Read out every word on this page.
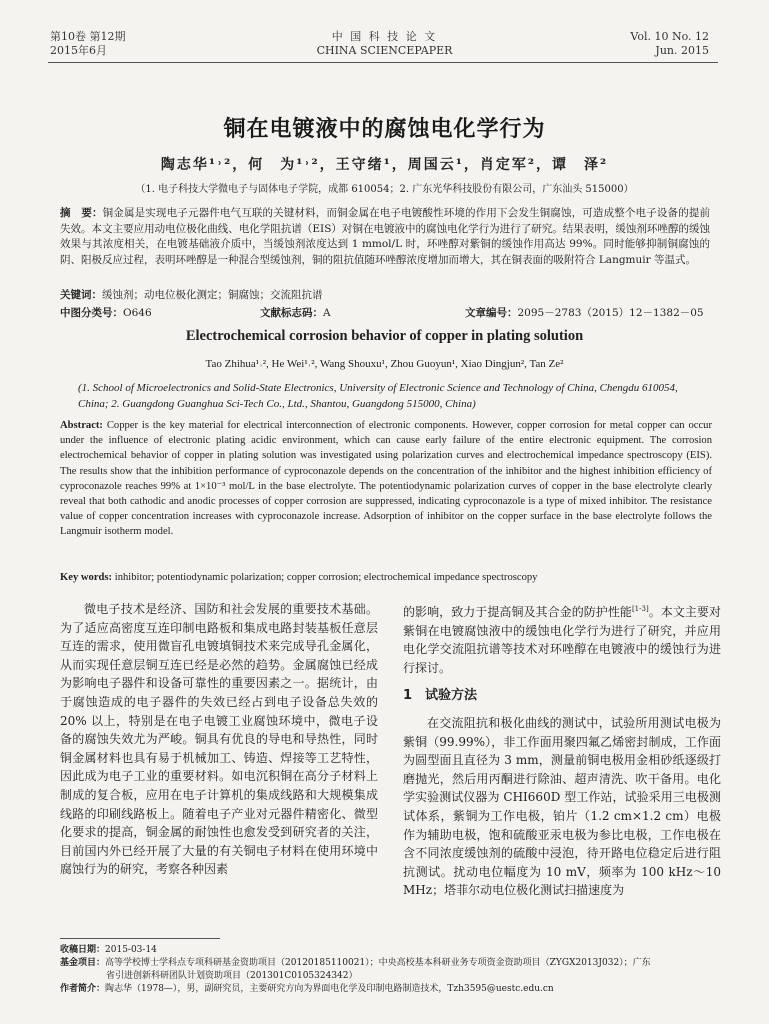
第10卷 第12期
2015年6月
中 国 科 技 论 文
CHINA SCIENCEPAPER
Vol. 10 No. 12
Jun. 2015
铜在电镀液中的腐蚀电化学行为
陶志华¹˒²，何　为¹˒²，王守绪¹，周国云¹，肖定军²，谭　泽²
（1. 电子科技大学微电子与固体电子学院，成都 610054；2. 广东光华科技股份有限公司，广东汕头 515000）
摘　要：铜金属是实现电子元器件电气互联的关键材料，而铜金属在电子电镀酸性环境的作用下会发生铜腐蚀，可造成整个电子设备的提前失效。本文主要应用动电位极化曲线、电化学阻抗谱（EIS）对铜在电镀液中的腐蚀电化学行为进行了研究。结果表明，缓蚀剂环唑醇的缓蚀效果与其浓度相关，在电镀基础液介质中，当缓蚀剂浓度达到 1 mmol/L 时，环唑醇对紫铜的缓蚀作用高达 99%。同时能够抑制铜腐蚀的阴、阳极反应过程，表明环唑醇是一种混合型缓蚀剂，铜的阻抗值随环唑醇浓度增加而增大，其在铜表面的吸附符合 Langmuir 等温式。
关键词：缓蚀剂；动电位极化测定；铜腐蚀；交流阻抗谱
中图分类号：O646	文献标志码：A	文章编号：2095－2783（2015）12－1382－05
Electrochemical corrosion behavior of copper in plating solution
Tao Zhihua¹˒², He Wei¹˒², Wang Shouxu¹, Zhou Guoyun¹, Xiao Dingjun², Tan Ze²
(1. School of Microelectronics and Solid-State Electronics, University of Electronic Science and Technology of China, Chengdu 610054, China; 2. Guangdong Guanghua Sci-Tech Co., Ltd., Shantou, Guangdong 515000, China)
Abstract: Copper is the key material for electrical interconnection of electronic components. However, copper corrosion for metal copper can occur under the influence of electronic plating acidic environment, which can cause early failure of the entire electronic equipment. The corrosion electrochemical behavior of copper in plating solution was investigated using polarization curves and electrochemical impedance spectroscopy (EIS). The results show that the inhibition performance of cyproconazole depends on the concentration of the inhibitor and the highest inhibition efficiency of cyproconazole reaches 99% at 1×10⁻³ mol/L in the base electrolyte. The potentiodynamic polarization curves of copper in the base electrolyte clearly reveal that both cathodic and anodic processes of copper corrosion are suppressed, indicating cyproconazole is a type of mixed inhibitor. The resistance value of copper concentration increases with cyproconazole increase. Adsorption of inhibitor on the copper surface in the base electrolyte follows the Langmuir isotherm model.
Key words: inhibitor; potentiodynamic polarization; copper corrosion; electrochemical impedance spectroscopy

微电子技术是经济、国防和社会发展的重要技术基础。为了适应高密度互连印制电路板和集成电路封装基板任意层互连的需求，使用微盲孔电镀填铜技术来完成导孔金属化，从而实现任意层铜互连已经是必然的趋势。金属腐蚀已经成为影响电子器件和设备可靠性的重要因素之一。据统计，由于腐蚀造成的电子器件的失效已经占到电子设备总失效的 20% 以上，特别是在电子电镀工业腐蚀环境中，微电子设备的腐蚀失效尤为严峻。铜具有优良的导电和导热性，同时铜金属材料也具有易于机械加工、铸造、焊接等工艺特性，因此成为电子工业的重要材料。如电沉积铜在高分子材料上制成的复合板，应用在电子计算机的集成线路和大规模集成线路的印刷线路板上。随着电子产业对元器件精密化、微型化要求的提高，铜金属的耐蚀性也愈发受到研究者的关注，目前国内外已经开展了大量的有关铜电子材料在使用环境中腐蚀行为的研究，考察各种因素

的影响，致力于提高铜及其合金的防护性能[1-3]。本文主要对紫铜在电镀腐蚀液中的缓蚀电化学行为进行了研究，并应用电化学交流阻抗谱等技术对环唑醇在电镀液中的缓蚀行为进行探讨。

1　试验方法

在交流阻抗和极化曲线的测试中，试验所用测试电极为紫铜（99.99%），非工作面用聚四氟乙烯密封制成，工作面为圆型面且直径为 3 mm，测量前铜电极用金相砂纸逐级打磨抛光，然后用丙酮进行除油、超声清洗、吹干备用。电化学实验测试仪器为 CHI660D 型工作站，试验采用三电极测试体系，紫铜为工作电极，铂片（1.2 cm×1.2 cm）电极作为辅助电极，饱和硫酸亚汞电极为参比电极，工作电极在含不同浓度缓蚀剂的硫酸中浸泡，待开路电位稳定后进行阻抗测试。扰动电位幅度为 10 mV，频率为 100 kHz～10 MHz；塔菲尔动电位极化测试扫描速度为

收稿日期：2015-03-14
基金项目：高等学校博士学科点专项科研基金资助项目（20120185110021）；中央高校基本科研业务专项资金资助项目（ZYGX2013J032）；广东
省引进创新科研团队计划资助项目（201301C0105324342）
作者简介：陶志华（1978—），男，副研究员，主要研究方向为界面电化学及印制电路制造技术，Tzh3595@uestc.edu.cn
